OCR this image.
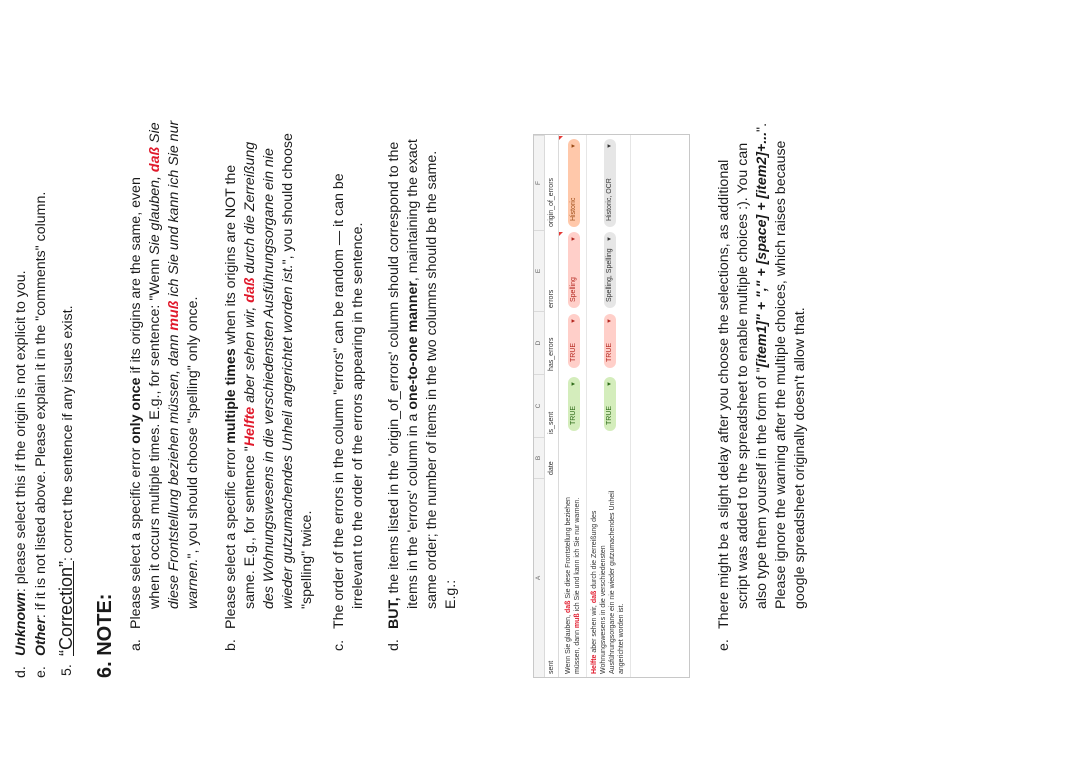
d.
Unknown: please select this if the origin is not explicit to you.
e.
Other: if it is not listed above. Please explain it in the "comments" column.
5.
“Correction”: correct the sentence if any issues exist.
6. NOTE: a.
Please select a specific error only once if its origins are the same, even when it occurs multiple times. E.g., for sentence: "Wenn Sie glauben, daß Sie
diese Frontstellung beziehen müssen, dann muß ich Sie und kann ich Sie nur
warnen.", you should choose "spelling" only once.
b.
Please select a specific error multiple times when its origins are NOT the
same. E.g., for sentence "Helfte aber sehen wir, daß durch die Zerreißung des Wohnungswesens in die verschiedensten Ausführungsorgane ein nie wieder gutzumachendes Unheil angerichtet worden ist.", you should choose
"spelling" twice.
c.
The order of the errors in the column "errors" can be random — it can be irrelevant to the order of the errors appearing in the sentence.
d.
BUT, the items listed in the 'origin_of_errors' column should correspond to the items in the 'errors' column in a one-to-one manner, maintaining the exact same order; the number of items in the two columns should be the same. E.g.:
A
B
C
D
E
F
sent
date
is_sent
has_errors
errors
origin_of_errors
Wenn Sie glauben, daß Sie diese Frontstellung beziehen
müssen, dann muß ich Sie und kann ich Sie nur warnen.
TRUE
▼
TRUE
▼
Spelling
▼
Historic
▼
Helfte aber sehen wir, daß durch die Zerreißung des Wohnungswesens in die verschiedensten Ausführungsorgane ein nie wieder gutzumachendes Unheil angerichtet worden ist.
TRUE
▼
TRUE
▼
Spelling, Spelling
▼
Historic, OCR
▼
e.
There might be a slight delay after you choose the selections, as additional script was added to the spreadsheet to enable multiple choices :). You can also type them yourself in the form of "[item1]" + "," + [space] + [item2]+...".
Please ignore the warning after the multiple choices, which raises because google spreadsheet originally doesn't allow that.
